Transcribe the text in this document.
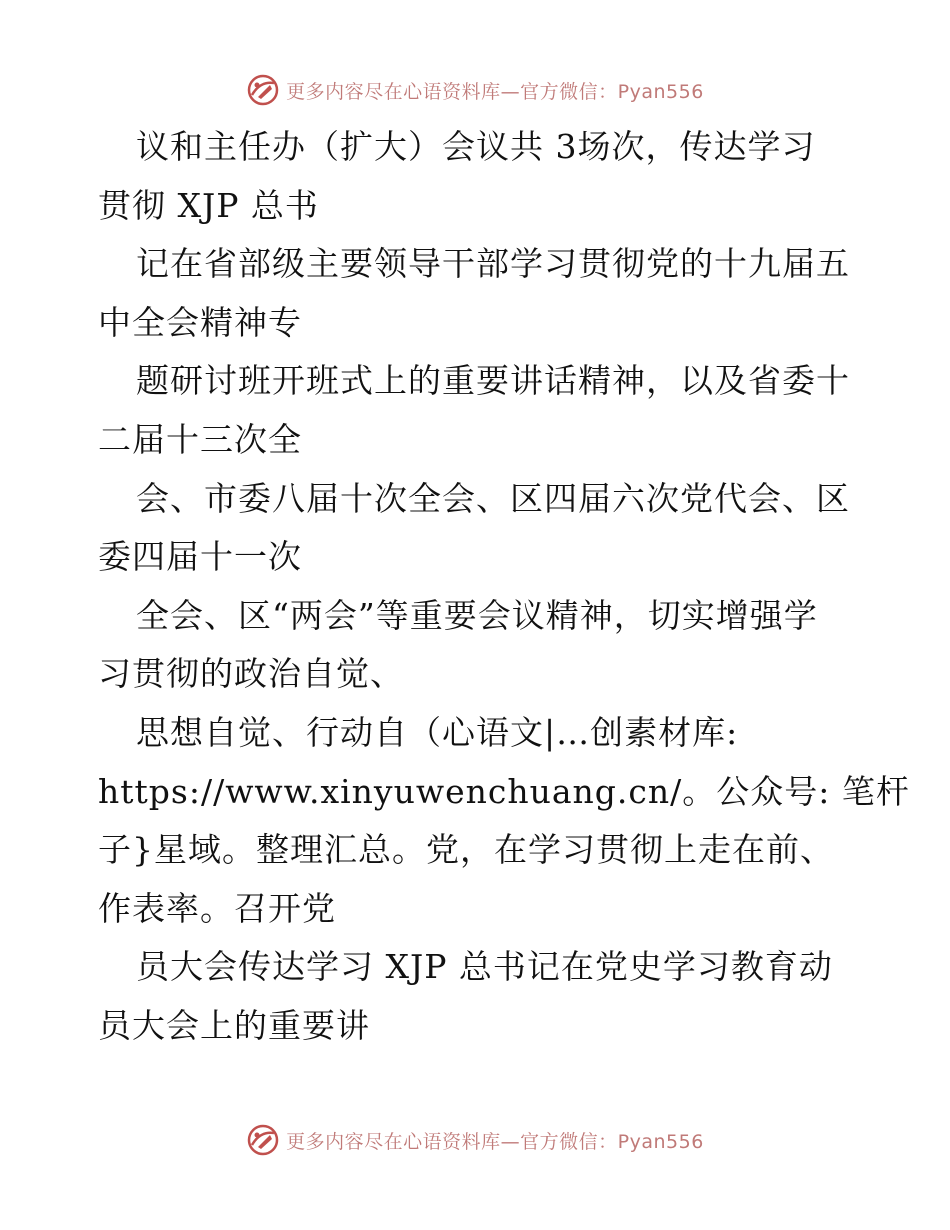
更多内容尽在心语资料库—官方微信：Pyan556
议和主任办（扩大）会议共 3场次，传达学习
贯彻 XJP 总书
记在省部级主要领导干部学习贯彻党的十九届五
中全会精神专
题研讨班开班式上的重要讲话精神，以及省委十
二届十三次全
会、市委八届十次全会、区四届六次党代会、区
委四届十一次
全会、区“两会”等重要会议精神，切实增强学
习贯彻的政治自觉、
思想自觉、行动自（心语文|…创素材库:
https://www.xinyuwenchuang.cn/。公众号: 笔杆
子}星域。整理汇总。党，在学习贯彻上走在前、
作表率。召开党
员大会传达学习 XJP 总书记在党史学习教育动
员大会上的重要讲
更多内容尽在心语资料库—官方微信：Pyan556
